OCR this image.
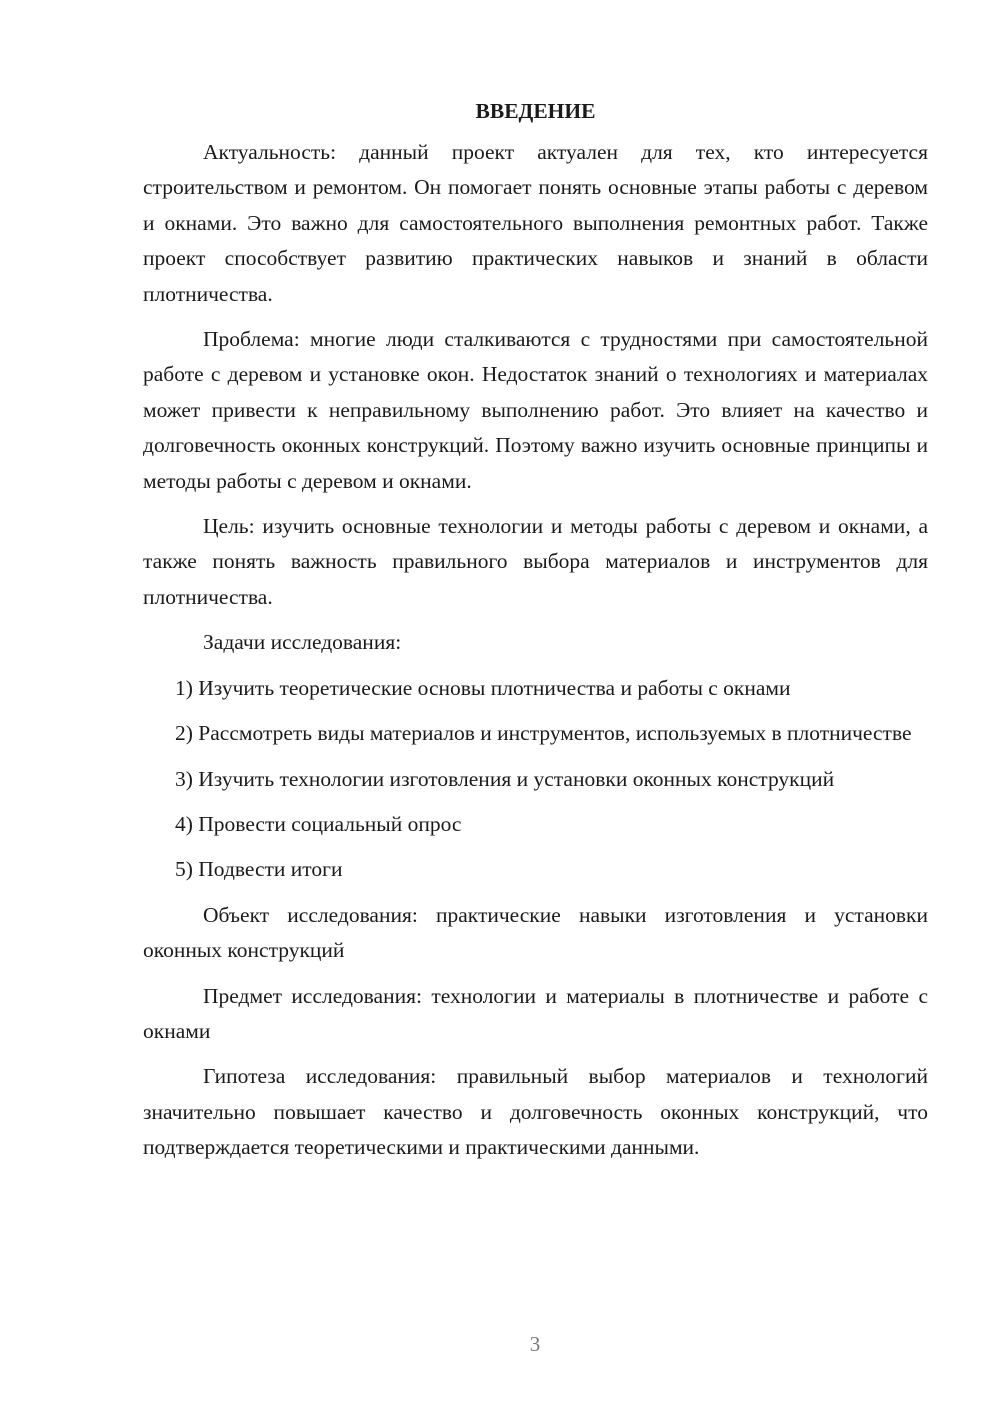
ВВЕДЕНИЕ
Актуальность: данный проект актуален для тех, кто интересуется строительством и ремонтом. Он помогает понять основные этапы работы с деревом и окнами. Это важно для самостоятельного выполнения ремонтных работ. Также проект способствует развитию практических навыков и знаний в области плотничества.
Проблема: многие люди сталкиваются с трудностями при самостоятельной работе с деревом и установке окон. Недостаток знаний о технологиях и материалах может привести к неправильному выполнению работ. Это влияет на качество и долговечность оконных конструкций. Поэтому важно изучить основные принципы и методы работы с деревом и окнами.
Цель: изучить основные технологии и методы работы с деревом и окнами, а также понять важность правильного выбора материалов и инструментов для плотничества.
Задачи исследования:
1) Изучить теоретические основы плотничества и работы с окнами
2) Рассмотреть виды материалов и инструментов, используемых в плотничестве
3) Изучить технологии изготовления и установки оконных конструкций
4) Провести социальный опрос
5) Подвести итоги
Объект исследования: практические навыки изготовления и установки оконных конструкций
Предмет исследования: технологии и материалы в плотничестве и работе с окнами
Гипотеза исследования: правильный выбор материалов и технологий значительно повышает качество и долговечность оконных конструкций, что подтверждается теоретическими и практическими данными.
3
